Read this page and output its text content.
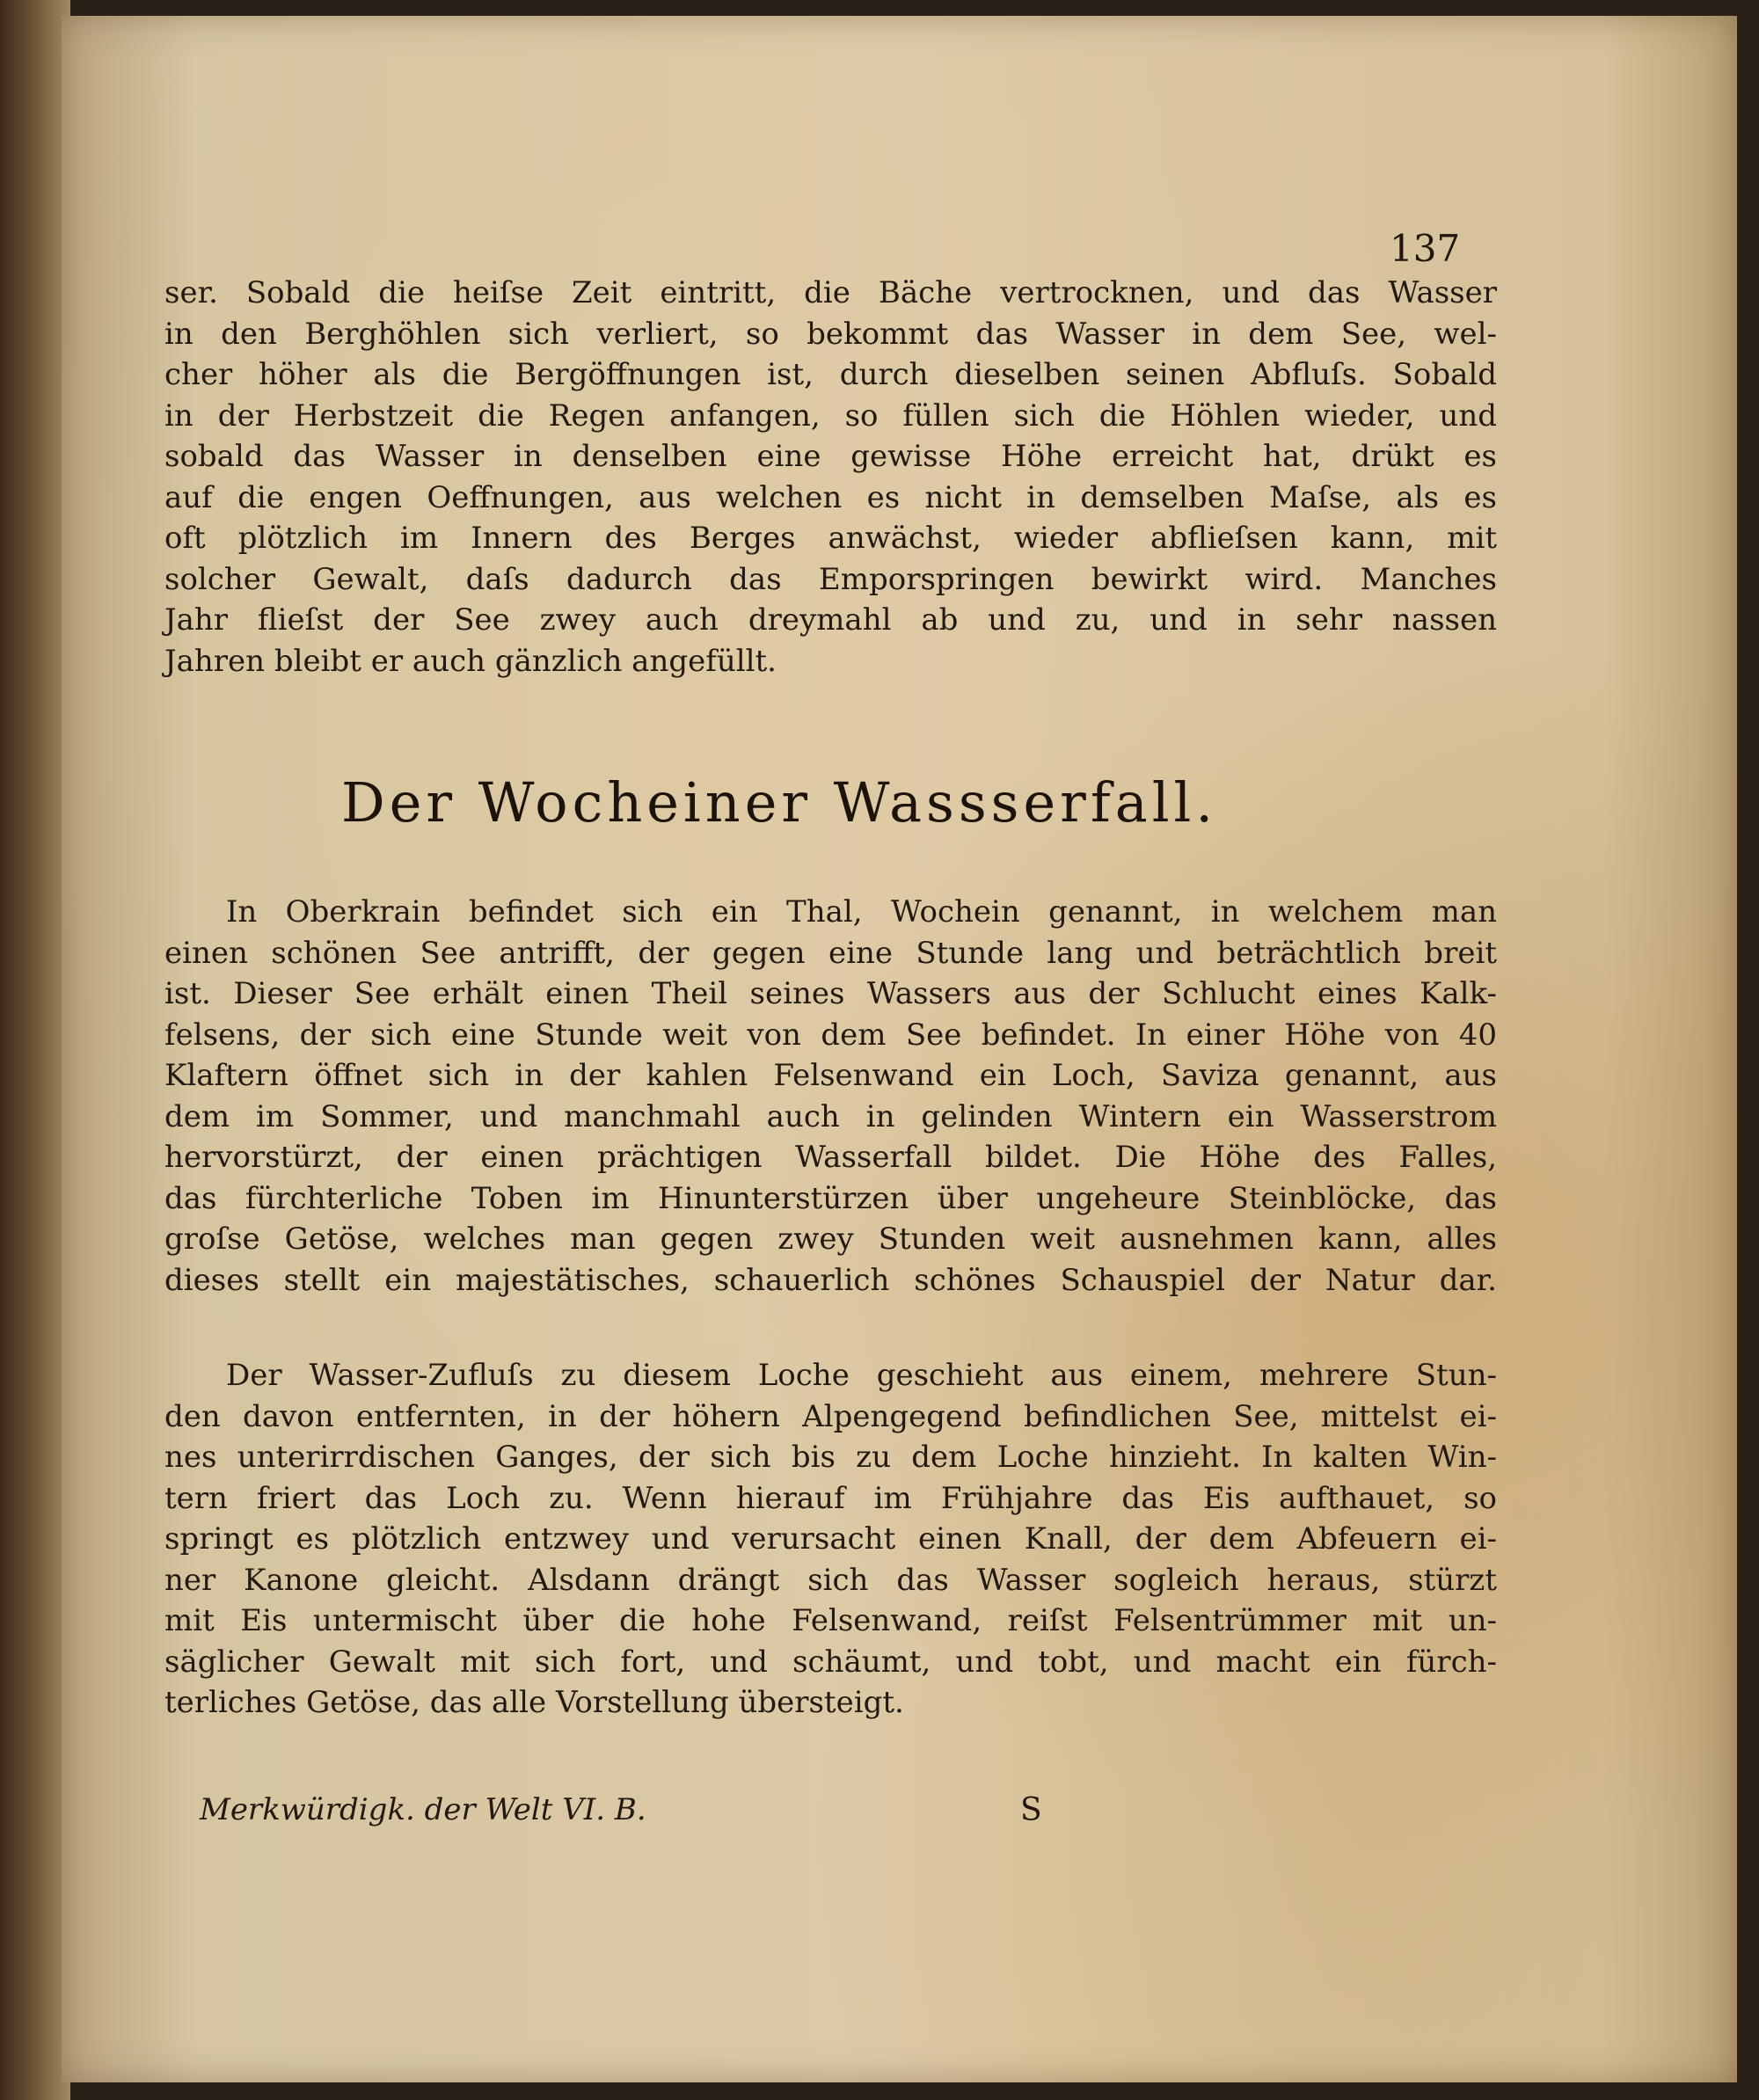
137
ser. Sobald die heiſse Zeit eintritt, die Bäche vertrocknen, und das Wasser
in den Berghöhlen sich verliert, so bekommt das Wasser in dem See, wel-
cher höher als die Bergöffnungen ist, durch dieselben seinen Abfluſs. Sobald
in der Herbstzeit die Regen anfangen, so füllen sich die Höhlen wieder, und
sobald das Wasser in denselben eine gewisse Höhe erreicht hat, drükt es
auf die engen Oeffnungen, aus welchen es nicht in demselben Maſse, als es
oft plötzlich im Innern des Berges anwächst, wieder abflieſsen kann, mit
solcher Gewalt, daſs dadurch das Emporspringen bewirkt wird. Manches
Jahr flieſst der See zwey auch dreymahl ab und zu, und in sehr nassen
Jahren bleibt er auch gänzlich angefüllt.
Der Wocheiner Wassserfall.
In Oberkrain befindet sich ein Thal, Wochein genannt, in welchem man
einen schönen See antrifft, der gegen eine Stunde lang und beträchtlich breit
ist. Dieser See erhält einen Theil seines Wassers aus der Schlucht eines Kalk-
felsens, der sich eine Stunde weit von dem See befindet. In einer Höhe von 40
Klaftern öffnet sich in der kahlen Felsenwand ein Loch, Saviza genannt, aus
dem im Sommer, und manchmahl auch in gelinden Wintern ein Wasserstrom
hervorstürzt, der einen prächtigen Wasserfall bildet. Die Höhe des Falles,
das fürchterliche Toben im Hinunterstürzen über ungeheure Steinblöcke, das
groſse Getöse, welches man gegen zwey Stunden weit ausnehmen kann, alles
dieses stellt ein majestätisches, schauerlich schönes Schauspiel der Natur dar.
Der Wasser-Zufluſs zu diesem Loche geschieht aus einem, mehrere Stun-
den davon entfernten, in der höhern Alpengegend befindlichen See, mittelst ei-
nes unterirrdischen Ganges, der sich bis zu dem Loche hinzieht. In kalten Win-
tern friert das Loch zu. Wenn hierauf im Frühjahre das Eis aufthauet, so
springt es plötzlich entzwey und verursacht einen Knall, der dem Abfeuern ei-
ner Kanone gleicht. Alsdann drängt sich das Wasser sogleich heraus, stürzt
mit Eis untermischt über die hohe Felsenwand, reiſst Felsentrümmer mit un-
säglicher Gewalt mit sich fort, und schäumt, und tobt, und macht ein fürch-
terliches Getöse, das alle Vorstellung übersteigt.
Merkwürdigk. der Welt VI. B.	S
